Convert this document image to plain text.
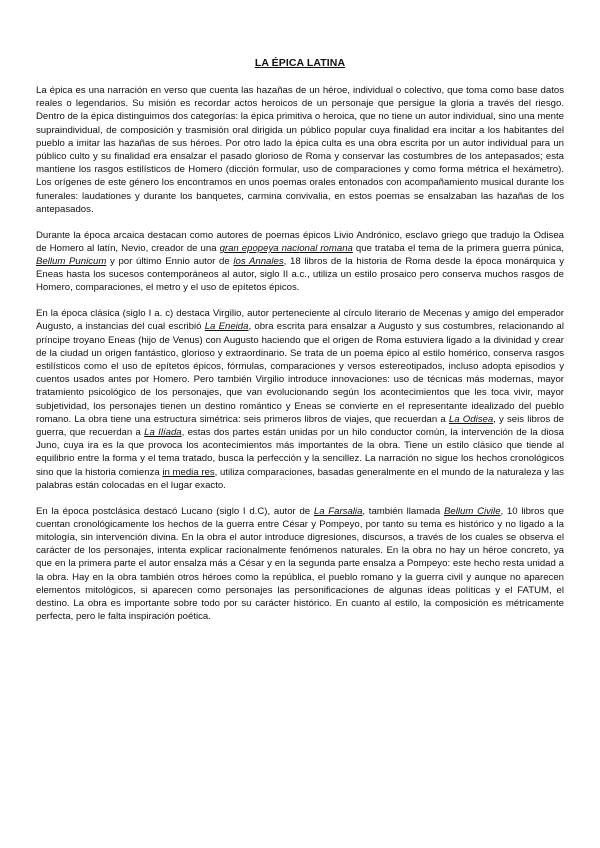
LA ÉPICA LATINA

La épica es una narración en verso que cuenta las hazañas de un héroe, individual o colectivo, que toma como base datos reales o legendarios. Su misión es recordar actos heroicos de un personaje que persigue la gloria a través del riesgo. Dentro de la épica distinguimos dos categorías: la épica primitiva o heroica, que no tiene un autor individual, sino una mente supraindividual, de composición y trasmisión oral dirigida un público popular cuya finalidad era incitar a los habitantes del pueblo a imitar las hazañas de sus héroes. Por otro lado la épica culta es una obra escrita por un autor individual para un público culto y su finalidad era ensalzar el pasado glorioso de Roma y conservar las costumbres de los antepasados; esta mantiene los rasgos estilísticos de Homero (dicción formular, uso de comparaciones y como forma métrica el hexámetro). Los orígenes de este género los encontramos en unos poemas orales entonados con acompañamiento musical durante los funerales: laudationes y durante los banquetes, carmina convivalia, en estos poemas se ensalzaban las hazañas de los antepasados.

Durante la época arcaica destacan como autores de poemas épicos Livio Andrónico, esclavo griego que tradujo la Odisea de Homero al latín, Nevio, creador de una gran epopeya nacional romana que trataba el tema de la primera guerra púnica, Bellum Punicum y por último Ennio autor de los Annales, 18 libros de la historia de Roma desde la época monárquica y Eneas hasta los sucesos contemporáneos al autor, siglo II a.c., utiliza un estilo prosaico pero conserva muchos rasgos de Homero, comparaciones, el metro y el uso de epítetos épicos.

En la época clásica (siglo I a. c) destaca Virgilio, autor perteneciente al círculo literario de Mecenas y amigo del emperador Augusto, a instancias del cual escribió La Eneida, obra escrita para ensalzar a Augusto y sus costumbres, relacionando al príncipe troyano Eneas (hijo de Venus) con Augusto haciendo que el origen de Roma estuviera ligado a la divinidad y crear de la ciudad un origen fantástico, glorioso y extraordinario. Se trata de un poema épico al estilo homérico, conserva rasgos estilísticos como el uso de epítetos épicos, fórmulas, comparaciones y versos estereotipados, incluso adopta episodios y cuentos usados antes por Homero. Pero también Virgilio introduce innovaciones: uso de técnicas más modernas, mayor tratamiento psicológico de los personajes, que van evolucionando según los acontecimientos que les toca vivir, mayor subjetividad, los personajes tienen un destino romántico y Eneas se convierte en el representante idealizado del pueblo romano. La obra tiene una estructura simétrica: seis primeros libros de viajes, que recuerdan a La Odisea, y seis libros de guerra, que recuerdan a La Ilíada, estas dos partes están unidas por un hilo conductor común, la intervención de la diosa Juno, cuya ira es la que provoca los acontecimientos más importantes de la obra. Tiene un estilo clásico que tiende al equilibrio entre la forma y el tema tratado, busca la perfección y la sencillez. La narración no sigue los hechos cronológicos sino que la historia comienza in media res, utiliza comparaciones, basadas generalmente en el mundo de la naturaleza y las palabras están colocadas en el lugar exacto.

En la época postclásica destacó Lucano (siglo I d.C), autor de La Farsalia, también llamada Bellum Civile, 10 libros que cuentan cronológicamente los hechos de la guerra entre César y Pompeyo, por tanto su tema es histórico y no ligado a la mitología, sin intervención divina. En la obra el autor introduce digresiones, discursos, a través de los cuales se observa el carácter de los personajes, intenta explicar racionalmente fenómenos naturales. En la obra no hay un héroe concreto, ya que en la primera parte el autor ensalza más a César y en la segunda parte ensalza a Pompeyo: este hecho resta unidad a la obra. Hay en la obra también otros héroes como la república, el pueblo romano y la guerra civil y aunque no aparecen elementos mitológicos, si aparecen como personajes las personificaciones de algunas ideas políticas y el FATUM, el destino. La obra es importante sobre todo por su carácter histórico. En cuanto al estilo, la composición es métricamente perfecta, pero le falta inspiración poética.
